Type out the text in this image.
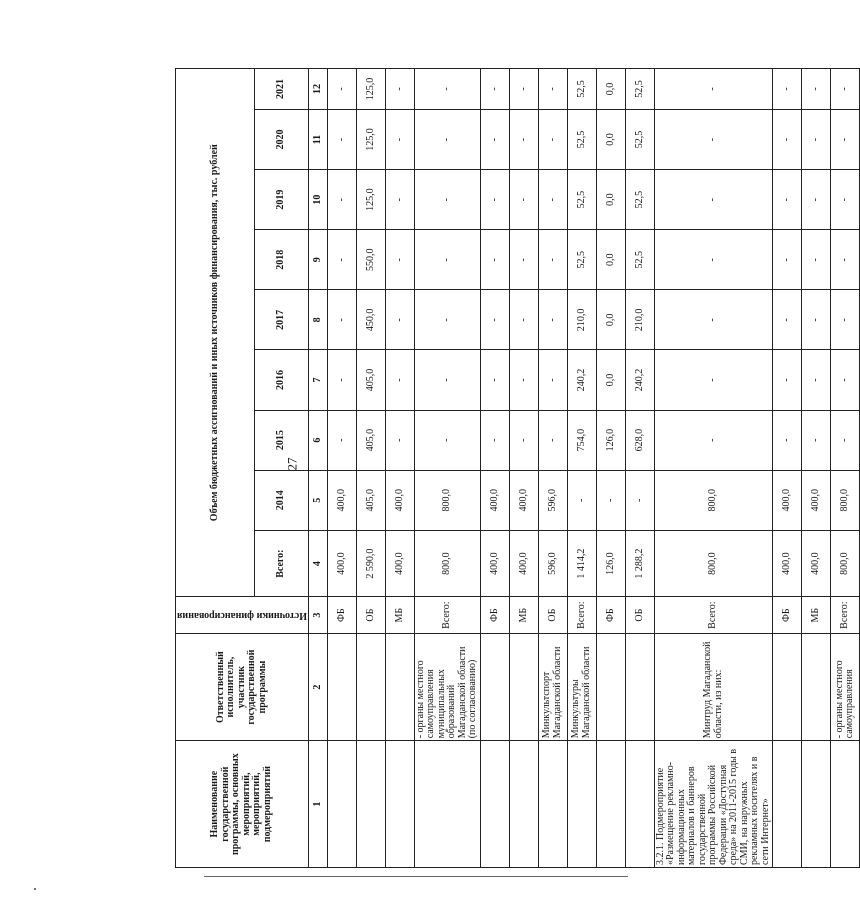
27
Наименование государственной программы, основных мероприятий, мероприятий, подмероприятий	Ответственный исполнитель, участник государственной программы	Источники финансирования	Объем бюджетных ассигнований и иных источников финансирования, тыс. рублей								
			Всего:	2014	2015	2016	2017	2018	2019	2020	2021
1	2	3	4	5	6	7	8	9	10	11	12
		ФБ	400,0	400,0	-	-	-	-	-	-	-
		ОБ	2 590,0	405,0	405,0	405,0	450,0	550,0	125,0	125,0	125,0
		МБ	400,0	400,0	-	-	-	-	-	-	-
	- органы местного самоуправления муниципальных образований Магаданской области (по согласованию)	Всего:	800,0	800,0	-	-	-	-	-	-	-
		ФБ	400,0	400,0	-	-	-	-	-	-	-
		МБ	400,0	400,0	-	-	-	-	-	-	-
	Минкультспорт Магаданской области	ОБ	596,0	596,0	-	-	-	-	-	-	-
	Минкультуры Магаданской области	Всего:	1 414,2	-	754,0	240,2	210,0	52,5	52,5	52,5	52,5
		ФБ	126,0	-	126,0	0,0	0,0	0,0	0,0	0,0	0,0
		ОБ	1 288,2	-	628,0	240,2	210,0	52,5	52,5	52,5	52,5
3.2.1. Подмероприятие «Размещение рекламно-информационных материалов и баннеров государственной программы Российской Федерации «Доступная среда» на 2011-2015 годы в СМИ, на наружных рекламных носителях и в сети Интернет»	Минтруд Магаданской области, из них:	Всего:	800,0	800,0	-	-	-	-	-	-	-
		ФБ	400,0	400,0	-	-	-	-	-	-	-
		МБ	400,0	400,0	-	-	-	-	-	-	-
	- органы местного самоуправления	Всего:	800,0	800,0	-	-	-	-	-	-	-
